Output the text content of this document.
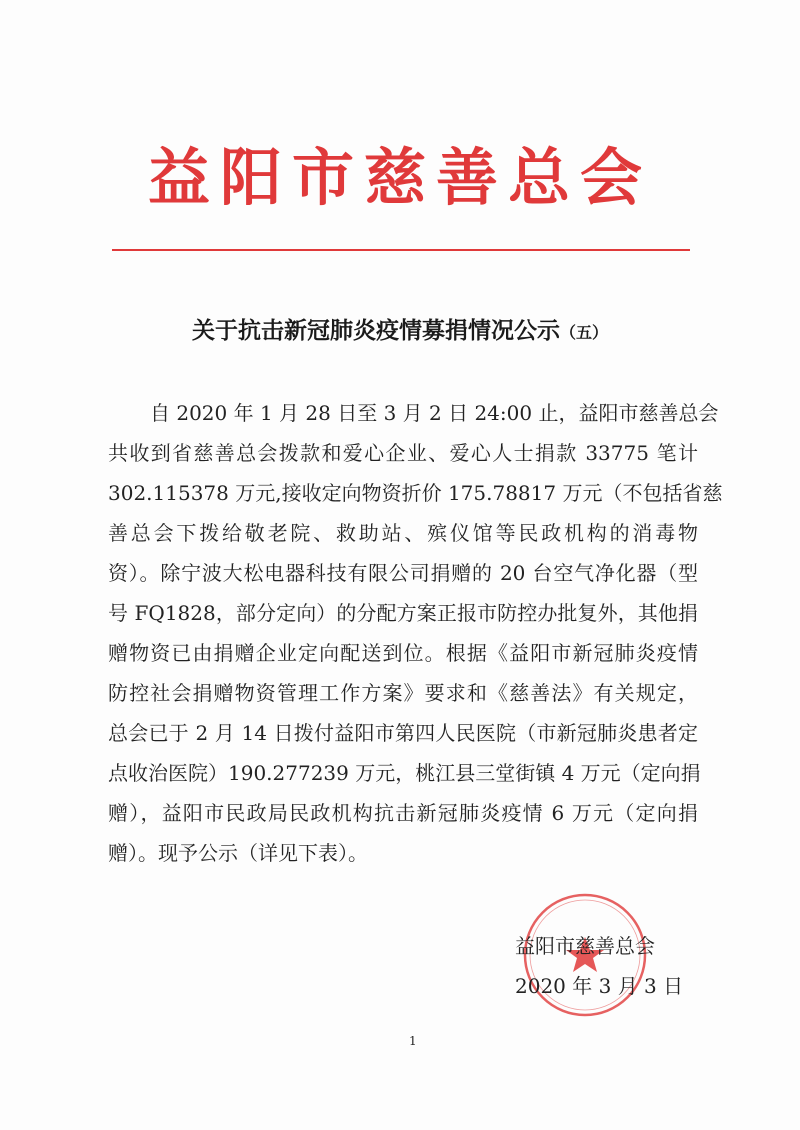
益阳市慈善总会
关于抗击新冠肺炎疫情募捐情况公示（五）
自 2020 年 1 月 28 日至 3 月 2 日 24:00 止，益阳市慈善总会
共收到省慈善总会拨款和爱心企业、爱心人士捐款 33775 笔计
302.115378 万元,接收定向物资折价 175.78817 万元（不包括省慈
善总会下拨给敬老院、救助站、殡仪馆等民政机构的消毒物
资）。除宁波大松电器科技有限公司捐赠的 20 台空气净化器（型
号 FQ1828，部分定向）的分配方案正报市防控办批复外，其他捐
赠物资已由捐赠企业定向配送到位。根据《益阳市新冠肺炎疫情
防控社会捐赠物资管理工作方案》要求和《慈善法》有关规定，
总会已于 2 月 14 日拨付益阳市第四人民医院（市新冠肺炎患者定
点收治医院）190.277239 万元，桃江县三堂街镇 4 万元（定向捐
赠），益阳市民政局民政机构抗击新冠肺炎疫情 6 万元（定向捐
赠）。现予公示（详见下表）。
益阳市慈善总会
2020 年 3 月 3 日
1
